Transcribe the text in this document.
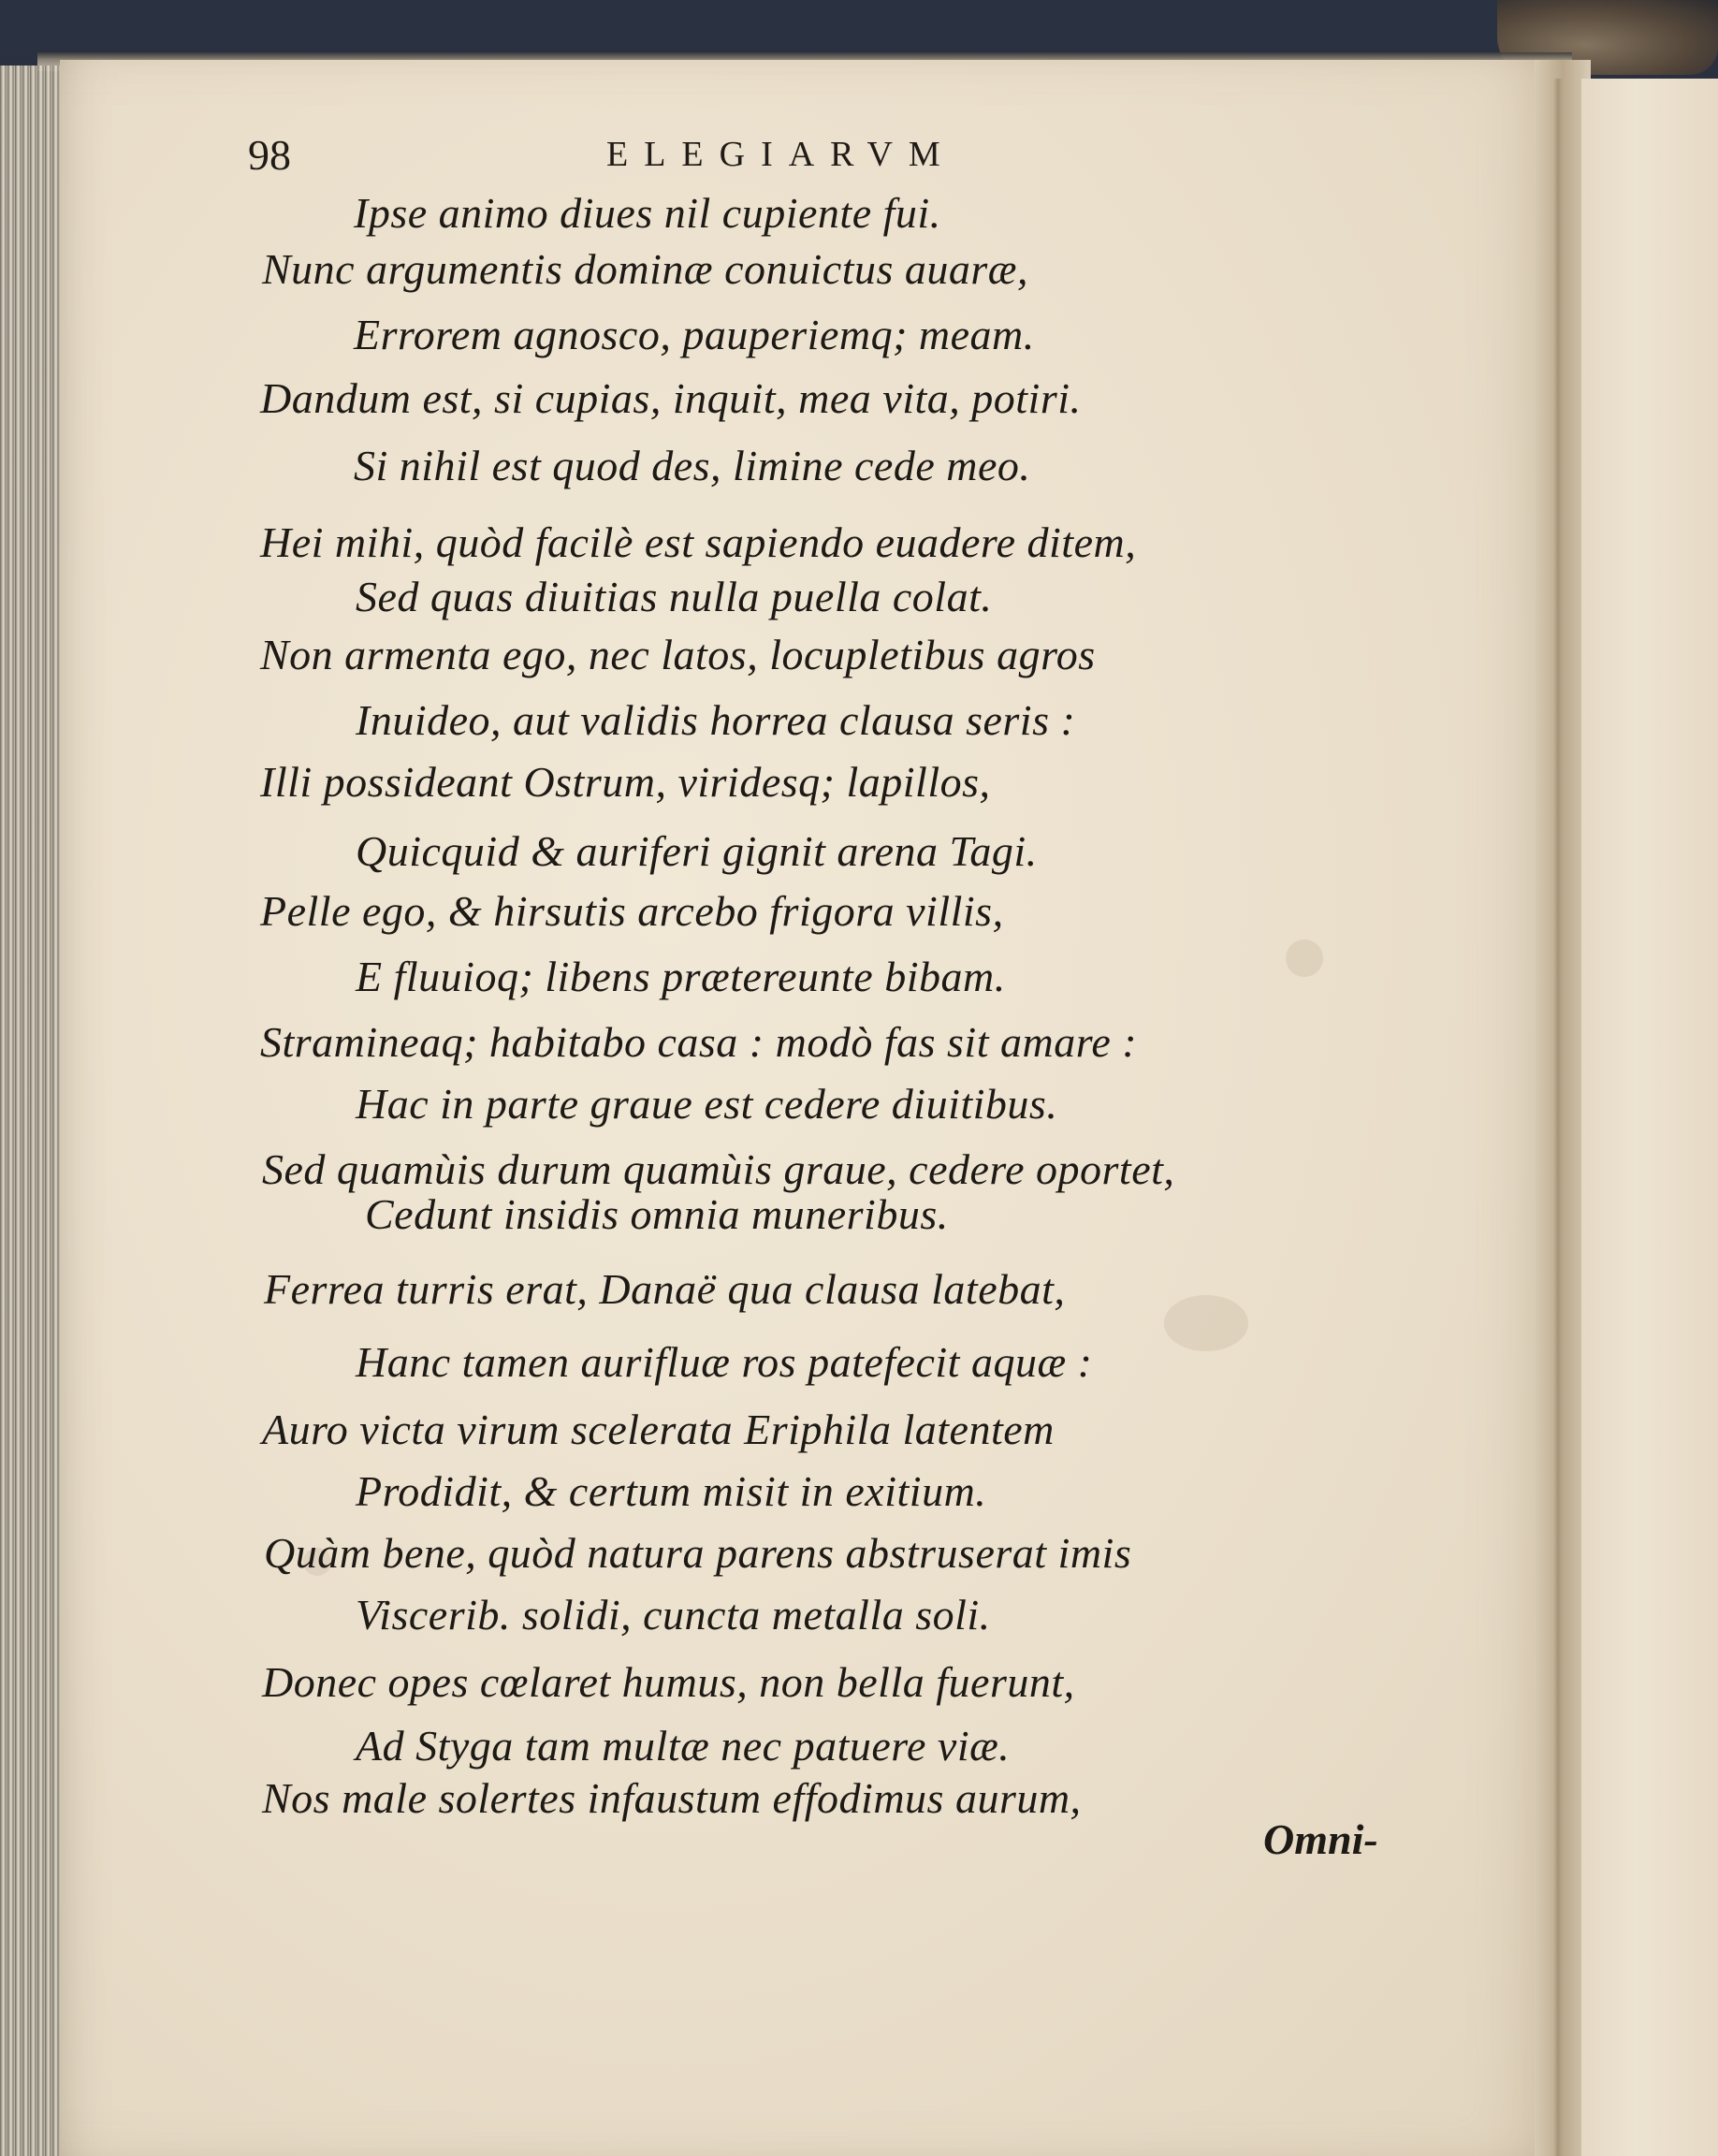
98	ELEGIARVM
Ipse animo diues nil cupiente fui.
Nunc argumentis dominæ conuictus auaræ,
Errorem agnosco, pauperiemq; meam.
Dandum est, si cupias, inquit, mea vita, potiri.
Si nihil est quod des, limine cede meo.
Hei mihi, quòd facilè est sapiendo euadere ditem,
Sed quas diuitias nulla puella colat.
Non armenta ego, nec latos, locupletibus agros
Inuideo, aut validis horrea clausa seris :
Illi possideant Ostrum, viridesq; lapillos,
Quicquid & auriferi gignit arena Tagi.
Pelle ego, & hirsutis arcebo frigora villis,
E fluuioq; libens prætereunte bibam.
Stramineaq; habitabo casa : modò fas sit amare :
Hac in parte graue est cedere diuitibus.
Sed quamùis durum quamùis graue, cedere oportet,
Cedunt insidis omnia muneribus.
Ferrea turris erat, Danaë qua clausa latebat,
Hanc tamen aurifluæ ros patefecit aquæ :
Auro victa virum scelerata Eriphila latentem
Prodidit, & certum misit in exitium.
Quàm bene, quòd natura parens abstruserat imis
Viscerib. solidi, cuncta metalla soli.
Donec opes cœlaret humus, non bella fuerunt,
Ad Styga tam multæ nec patuere viæ.
Nos male solertes infaustum effodimus aurum,
Omni-
